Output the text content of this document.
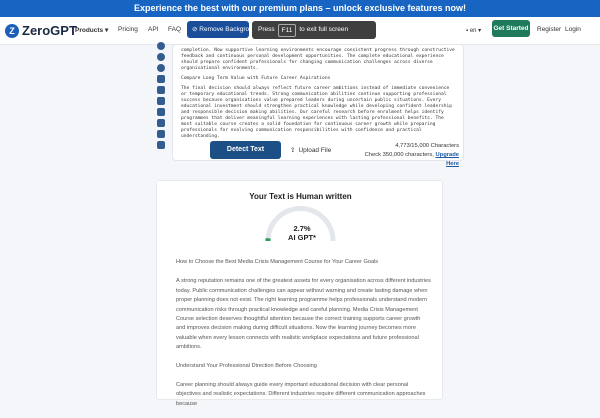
Experience the best with our premium plans – unlock exclusive features now!
Z ZeroGPT
Products ▾ Pricing API FAQ	▪ en ▾	Register Login
⊘ Remove Backgro Press	F11	to exit full screen	Get Started

completion. Now supportive learning environments encourage consistent progress through constructive feedback and continuous personal development opportunities. The complete educational experience should prepare confident professionals for changing communication challenges across diverse organisational environments.

Compare Long Term Value with Future Career Aspirations

The final decision should always reflect future career ambitions instead of immediate convenience or temporary educational trends. Strong communication abilities continue supporting professional success because organisations value prepared leaders during uncertain public situations. Every educational investment should strengthen practical knowledge while developing confident leadership and responsible decision making abilities. Our careful research before enrolment helps identify programmes that deliver meaningful learning experiences with lasting professional benefits. The most suitable course creates a solid foundation for continuous career growth while preparing professionals for evolving communication responsibilities with confidence and practical understanding.

Detect Text	⇪ Upload File
4,773/15,000 Characters
Check 350,000 characters, Upgrade Here
Your Text is Human written
2.7%
AI GPT*

How to Choose the Best Media Crisis Management Course for Your Career Goals

A strong reputation remains one of the greatest assets for every organisation across different industries today. Public communication challenges can appear without warning and create lasting damage when proper planning does not exist. The right learning programme helps professionals understand modern communication risks through practical knowledge and careful planning. Media Crisis Management Course selection deserves thoughtful attention because the correct training supports career growth and improves decision making during difficult situations. Now the learning journey becomes more valuable when every lesson connects with realistic workplace expectations and future professional ambitions.

Understand Your Professional Direction Before Choosing

Career planning should always guide every important educational decision with clear personal objectives and realistic expectations. Different industries require different communication approaches because
